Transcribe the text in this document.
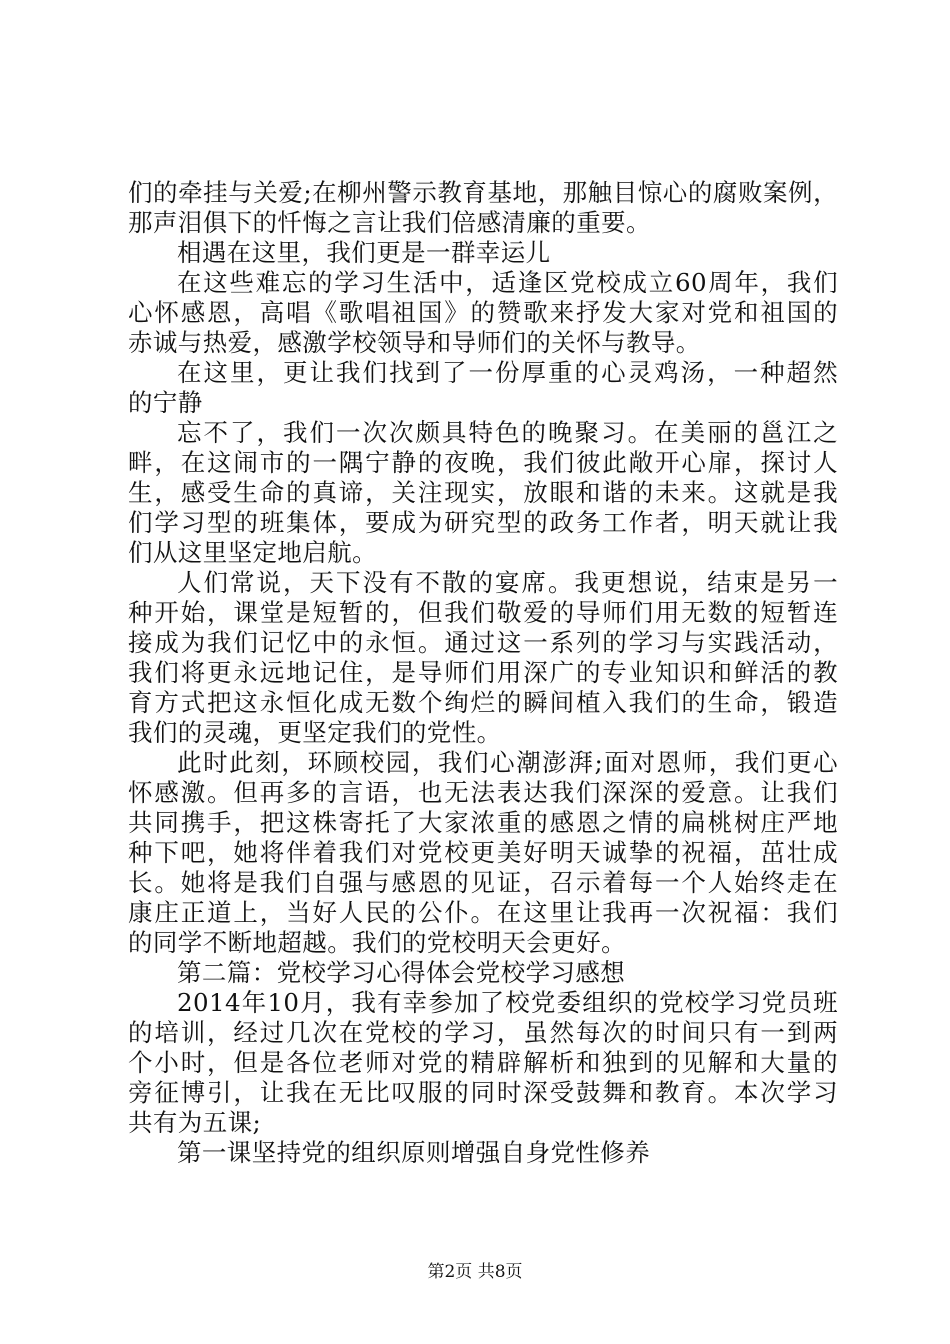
们的牵挂与关爱;在柳州警示教育基地，那触目惊心的腐败案例，
那声泪俱下的忏悔之言让我们倍感清廉的重要。
相遇在这里，我们更是一群幸运儿
在这些难忘的学习生活中，适逢区党校成立60周年，我们
心怀感恩，高唱《歌唱祖国》的赞歌来抒发大家对党和祖国的
赤诚与热爱，感激学校领导和导师们的关怀与教导。
在这里，更让我们找到了一份厚重的心灵鸡汤，一种超然
的宁静
忘不了，我们一次次颇具特色的晚聚习。在美丽的邕江之
畔，在这闹市的一隅宁静的夜晚，我们彼此敞开心扉，探讨人
生，感受生命的真谛，关注现实，放眼和谐的未来。这就是我
们学习型的班集体，要成为研究型的政务工作者，明天就让我
们从这里坚定地启航。
人们常说，天下没有不散的宴席。我更想说，结束是另一
种开始，课堂是短暂的，但我们敬爱的导师们用无数的短暂连
接成为我们记忆中的永恒。通过这一系列的学习与实践活动，
我们将更永远地记住，是导师们用深广的专业知识和鲜活的教
育方式把这永恒化成无数个绚烂的瞬间植入我们的生命，锻造
我们的灵魂，更坚定我们的党性。
此时此刻，环顾校园，我们心潮澎湃;面对恩师，我们更心
怀感激。但再多的言语，也无法表达我们深深的爱意。让我们
共同携手，把这株寄托了大家浓重的感恩之情的扁桃树庄严地
种下吧，她将伴着我们对党校更美好明天诚挚的祝福，茁壮成
长。她将是我们自强与感恩的见证，召示着每一个人始终走在
康庄正道上，当好人民的公仆。在这里让我再一次祝福：我们
的同学不断地超越。我们的党校明天会更好。
第二篇：党校学习心得体会党校学习感想
2014年10月，我有幸参加了校党委组织的党校学习党员班
的培训，经过几次在党校的学习，虽然每次的时间只有一到两
个小时，但是各位老师对党的精辟解析和独到的见解和大量的
旁征博引，让我在无比叹服的同时深受鼓舞和教育。本次学习
共有为五课;
第一课坚持党的组织原则增强自身党性修养
第2页 共8页
